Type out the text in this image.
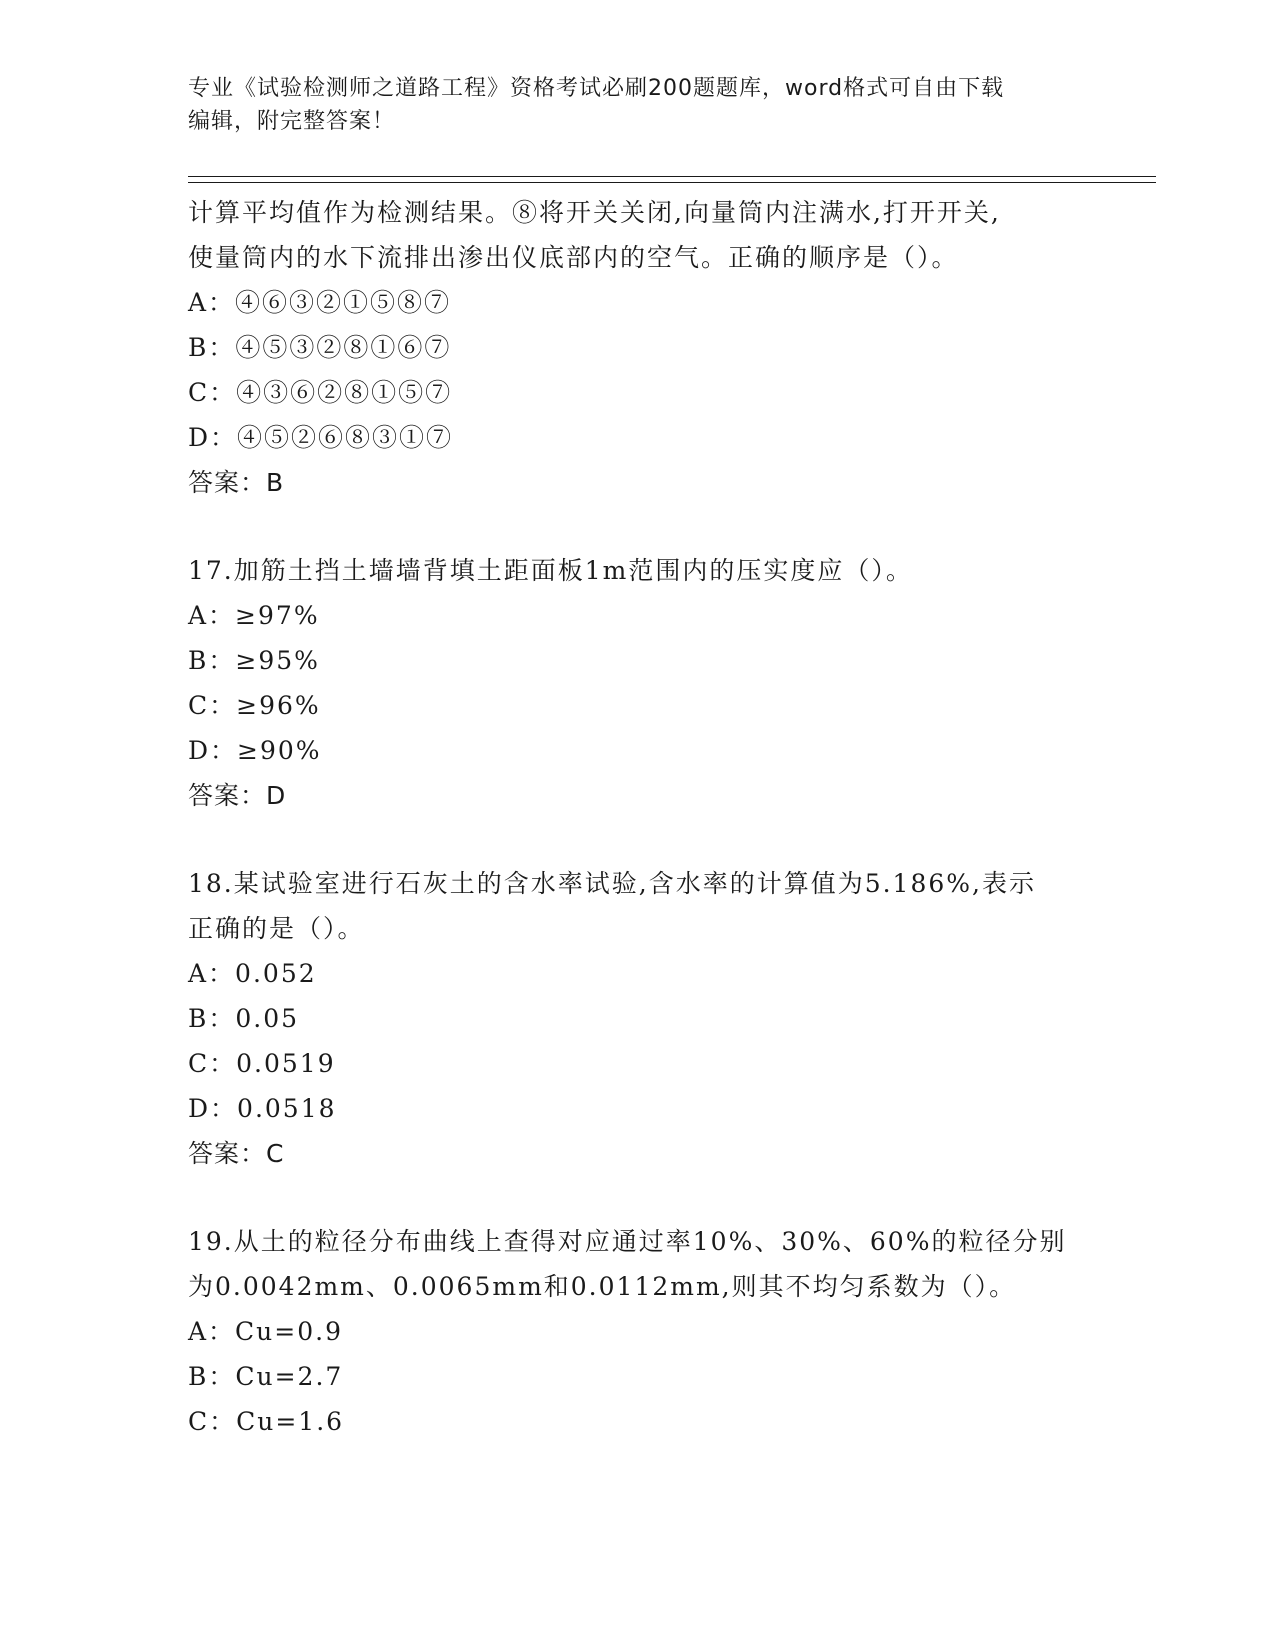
专业《试验检测师之道路工程》资格考试必刷200题题库，word格式可自由下载
编辑，附完整答案！
计算平均值作为检测结果。⑧将开关关闭,向量筒内注满水,打开开关,
使量筒内的水下流排出渗出仪底部内的空气。正确的顺序是（）。
A：④⑥③②①⑤⑧⑦
B：④⑤③②⑧①⑥⑦
C：④③⑥②⑧①⑤⑦
D：④⑤②⑥⑧③①⑦
答案：B
17.加筋土挡土墙墙背填土距面板1m范围内的压实度应（）。
A：≥97%
B：≥95%
C：≥96%
D：≥90%
答案：D
18.某试验室进行石灰土的含水率试验,含水率的计算值为5.186%,表示
正确的是（）。
A：0.052
B：0.05
C：0.0519
D：0.0518
答案：C
19.从土的粒径分布曲线上查得对应通过率10%、30%、60%的粒径分别
为0.0042mm、0.0065mm和0.0112mm,则其不均匀系数为（）。
A：Cu=0.9
B：Cu=2.7
C：Cu=1.6
